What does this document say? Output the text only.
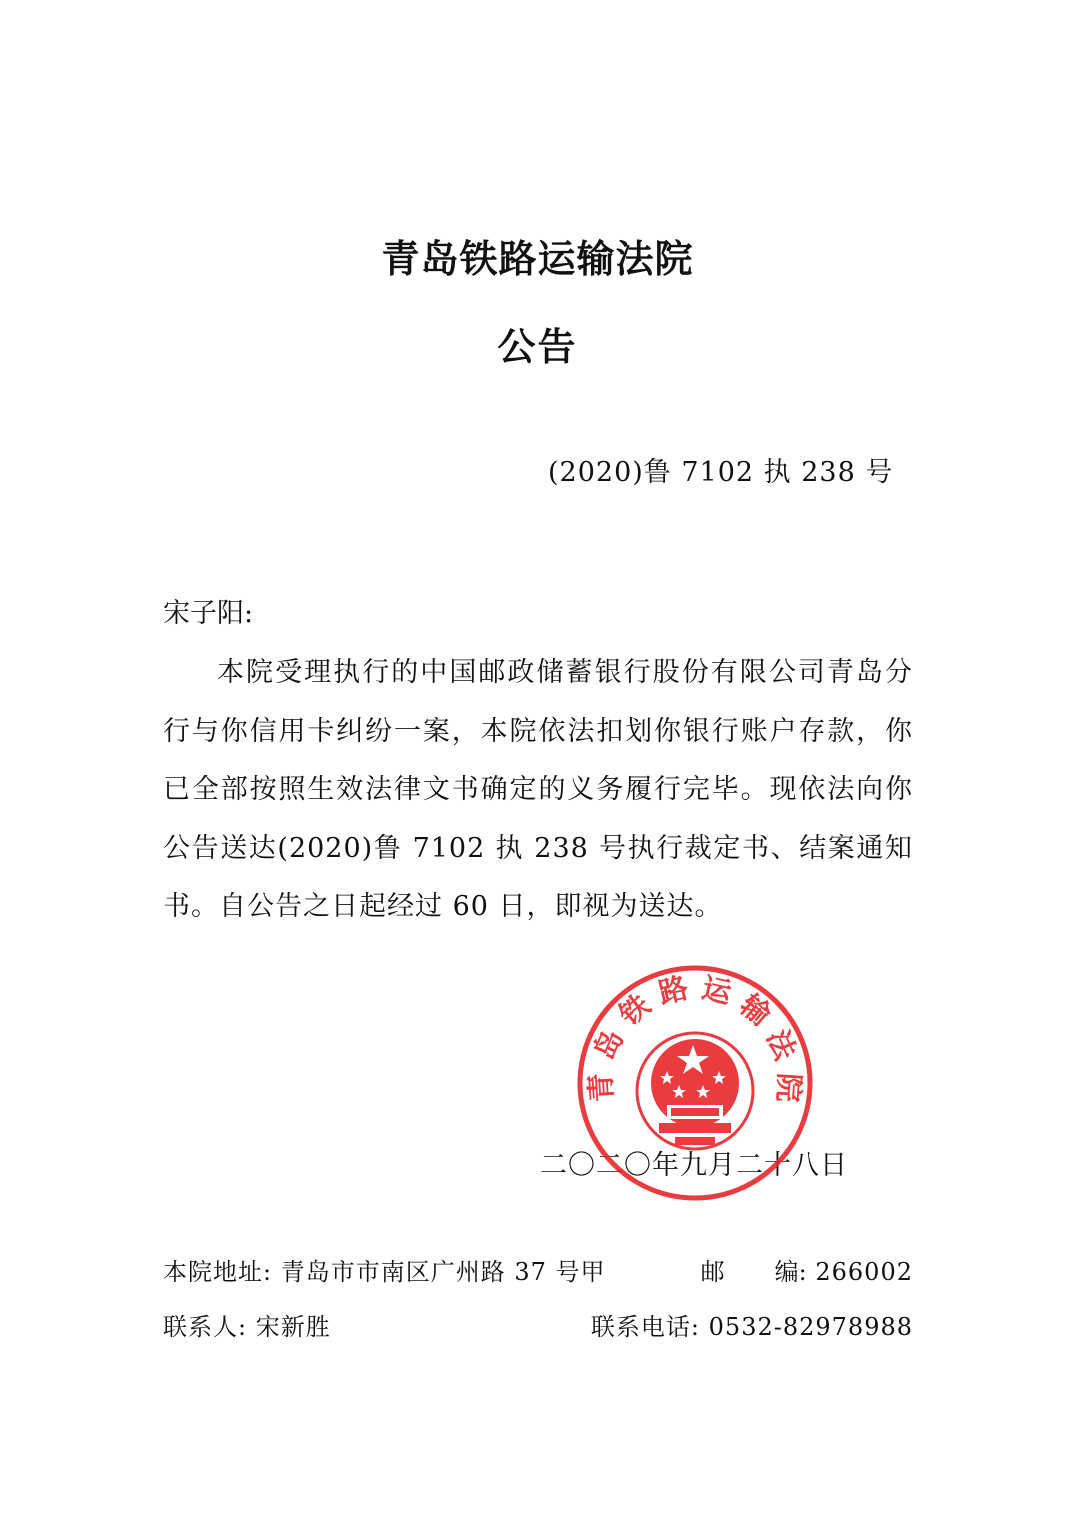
青岛铁路运输法院
公告
(2020)鲁 7102 执 238 号
宋子阳:
本院受理执行的中国邮政储蓄银行股份有限公司青岛分行与你信用卡纠纷一案，本院依法扣划你银行账户存款，你已全部按照生效法律文书确定的义务履行完毕。现依法向你公告送达(2020)鲁 7102 执 238 号执行裁定书、结案通知书。自公告之日起经过 60 日，即视为送达。
二〇二〇年九月二十八日
青 岛 铁 路 运 输 法 院
本院地址: 青岛市市南区广州路 37 号甲	邮 编: 266002
联系人: 宋新胜	联系电话: 0532-82978988
